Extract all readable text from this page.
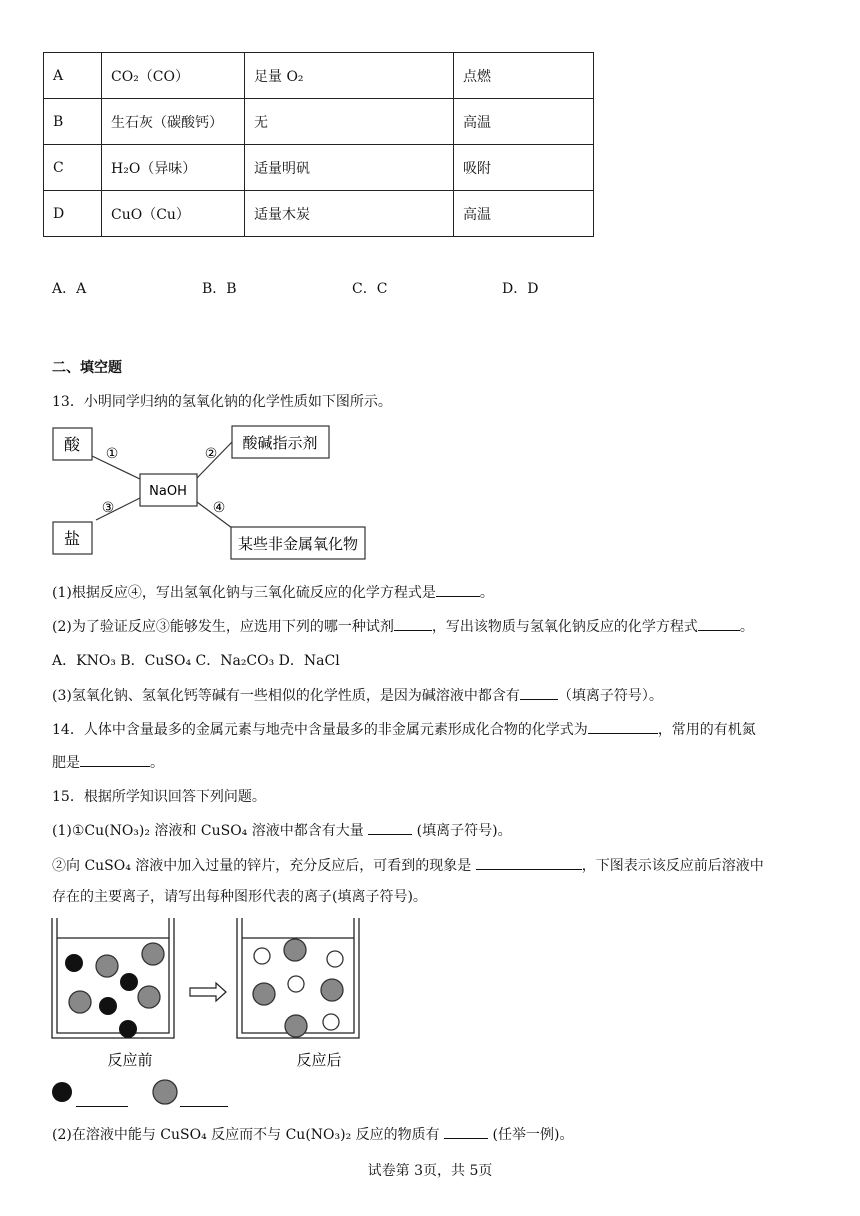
A	CO₂（CO）	足量 O₂	点燃
B	生石灰（碳酸钙）	无	高温
C	H₂O（异味）	适量明矾	吸附
D	CuO（Cu）	适量木炭	高温
A．A	B．B	C．C	D．D
二、填空题
13．小明同学归纳的氢氧化钠的化学性质如下图所示。
酸	酸碱指示剂
NaOH
盐	某些非金属氧化物
①	②
③	④
(1)根据反应④，写出氢氧化钠与三氧化硫反应的化学方程式是	。
(2)为了验证反应③能够发生，应选用下列的哪一种试剂	，写出该物质与氢氧化钠反应的化学方程式	。
A．KNO₃ B．CuSO₄ C．Na₂CO₃ D．NaCl
(3)氢氧化钠、氢氧化钙等碱有一些相似的化学性质，是因为碱溶液中都含有	（填离子符号）。
14．人体中含量最多的金属元素与地壳中含量最多的非金属元素形成化合物的化学式为	，常用的有机氮
肥是	。
15．根据所学知识回答下列问题。
(1)①Cu(NO₃)₂ 溶液和 CuSO₄ 溶液中都含有大量	(填离子符号)。
②向 CuSO₄ 溶液中加入过量的锌片，充分反应后，可看到的现象是	，下图表示该反应前后溶液中
存在的主要离子，请写出每种图形代表的离子(填离子符号)。
反应前	反应后
(2)在溶液中能与 CuSO₄ 反应而不与 Cu(NO₃)₂ 反应的物质有	(任举一例)。
试卷第 3页，共 5页
